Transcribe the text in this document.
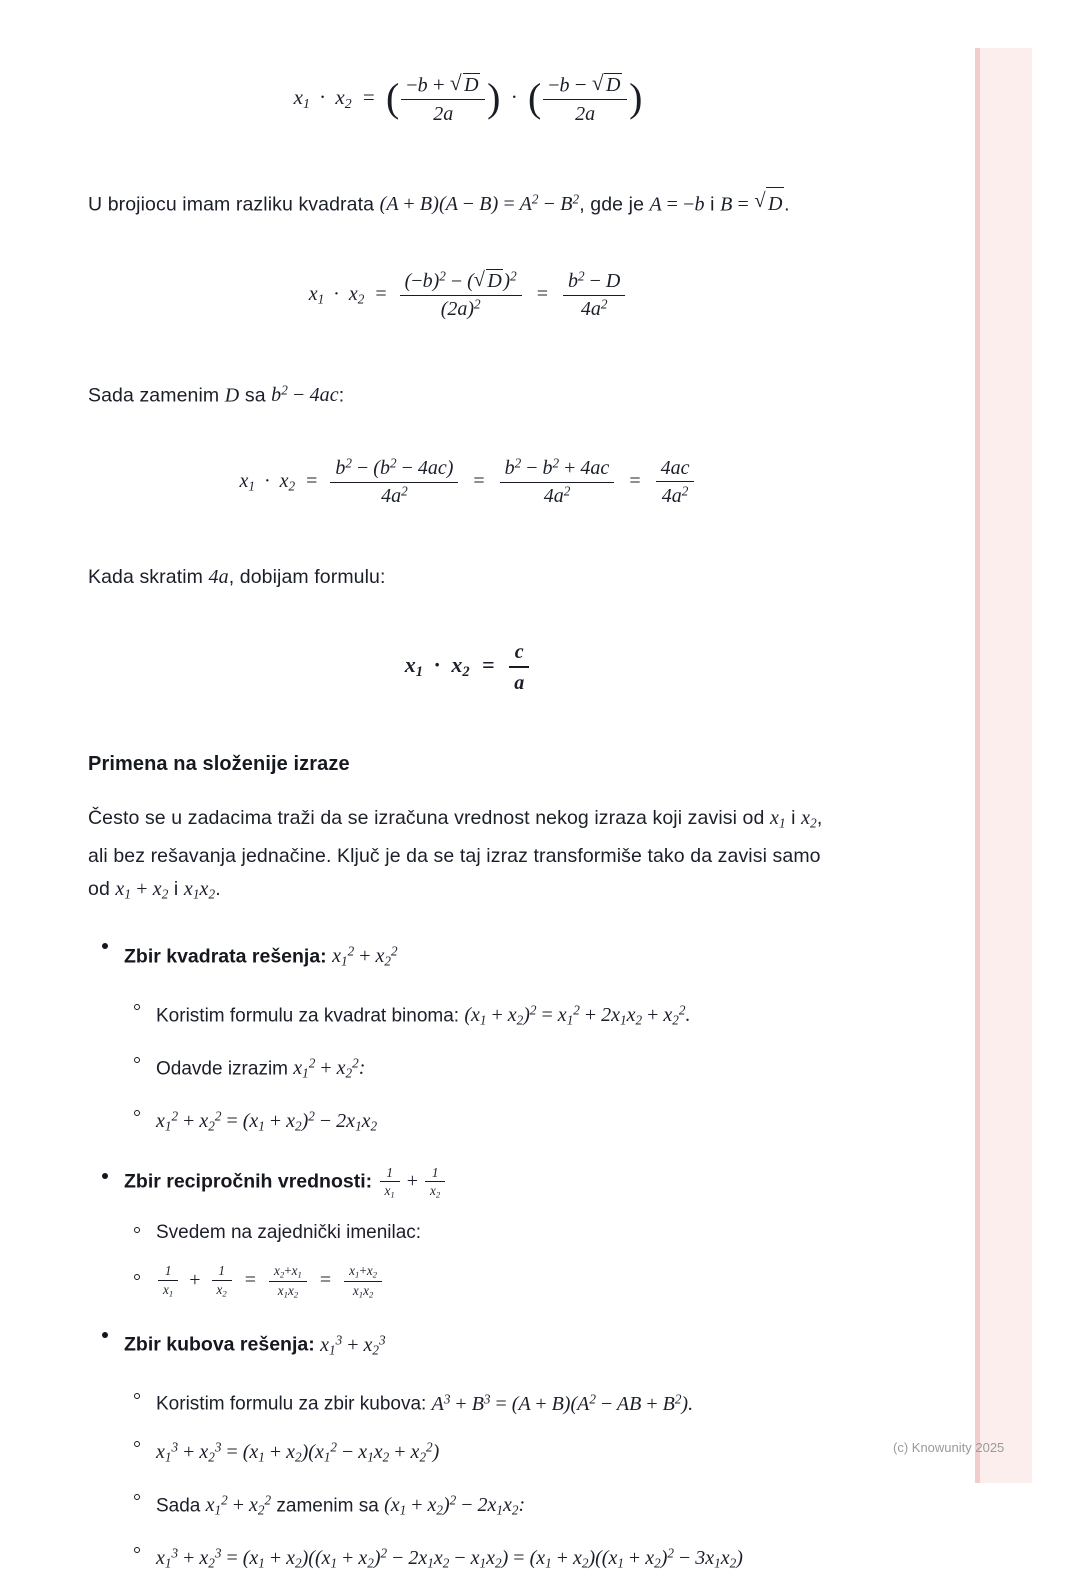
$x_1 \cdot x_2$ = ( $\frac{-b + √ D}{2a}$ ) · ( $\frac{-b - √ D}{2a}$ )
U brojiocu imam razliku kvadrata $(A + B)(A - B) = A^2 - B^2$, gde je A = −b i B = √ D.
$x_1 \cdot x_2 = \frac{(-b)^2 - ( √ D)^2}{(2a)^2} = \frac{b^2 - D}{4a^2}$
Sada zamenim D sa $b^2 - 4ac$:
$x_1 \cdot x_2 = \frac{b^2 - (b^2 - 4ac)}{4a^2} = \frac{b^2 - b^2 + 4ac}{4a^2} = \frac{4ac}{4a^2}$
Kada skratim 4a, dobijam formulu:
$x_1 \cdot x_2 = \frac{c}{a}$
Primena na složenije izraze
Često se u zadacima traži da se izračuna vrednost nekog izraza koji zavisi od $x_1$ i $x_2$, ali bez rešavanja jednačine. Ključ je da se taj izraz transformiše tako da zavisi samo od $x_1 + x_2$ i $x_1x_2$.
Zbir kvadrata rešenja: $x_1^2 + x_2^2$
Koristim formulu za kvadrat binoma: $(x_1 + x_2)^2 = x_1^2 + 2x_1x_2 + x_2^2$.
Odavde izrazim $x_1^2 + x_2^2$:
$x_1^2 + x_2^2 = (x_1 + x_2)^2 - 2x_1x_2$
Zbir recipročnih vrednosti: $\frac{1}{x_1} + \frac{1}{x_2}$
Svedem na zajednički imenilac:
$\frac{1}{x_1} + \frac{1}{x_2} = \frac{x_2+x_1}{x_1x_2} = \frac{x_1+x_2}{x_1x_2}$
Zbir kubova rešenja: $x_1^3 + x_2^3$
Koristim formulu za zbir kubova: $A^3 + B^3 = (A + B)(A^2$ − AB + $B^2$).
$x_1^3 + x_2^3 = (x_1 + x_2)(x_1^2 - x_1x_2 + x_2^2)$
Sada $x_1^2 + x_2^2$ zamenim sa $(x_1 + x_2)^2 - 2x_1x_2$:
$x_1^3 + x_2^3 = (x_1 + x_2)((x_1 + x_2)^2 - 2x_1x_2 - x_1x_2) = (x_1 + x_2)((x_1 + x_2)^2 - 3x_1x_2)$
(c) Knowunity 2025
